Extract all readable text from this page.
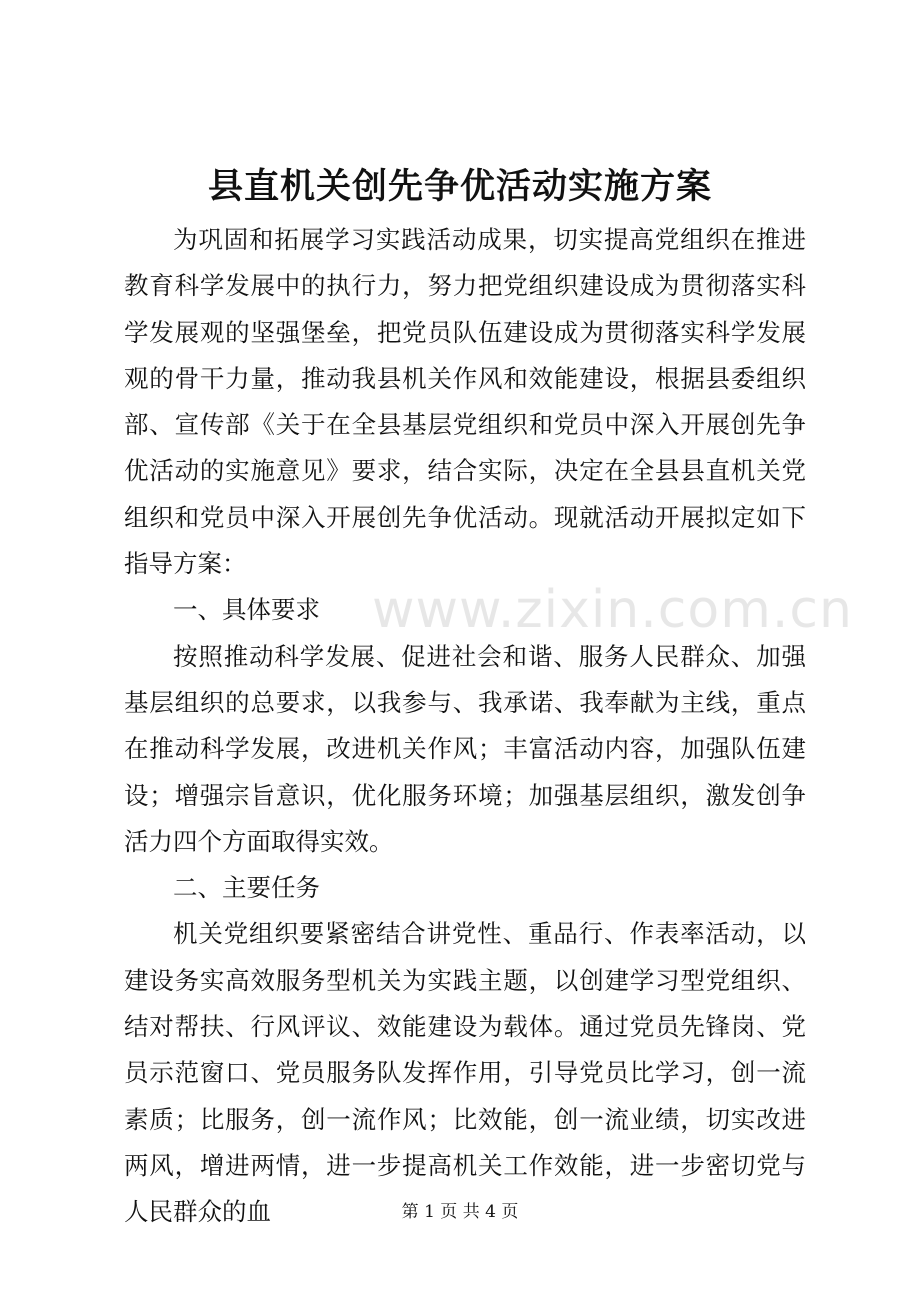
县直机关创先争优活动实施方案

为巩固和拓展学习实践活动成果，切实提高党组织在推进教育科学发展中的执行力，努力把党组织建设成为贯彻落实科学发展观的坚强堡垒，把党员队伍建设成为贯彻落实科学发展观的骨干力量，推动我县机关作风和效能建设，根据县委组织部、宣传部《关于在全县基层党组织和党员中深入开展创先争优活动的实施意见》要求，结合实际，决定在全县县直机关党组织和党员中深入开展创先争优活动。现就活动开展拟定如下指导方案：

一、具体要求

按照推动科学发展、促进社会和谐、服务人民群众、加强基层组织的总要求，以我参与、我承诺、我奉献为主线，重点在推动科学发展，改进机关作风；丰富活动内容，加强队伍建设；增强宗旨意识，优化服务环境；加强基层组织，激发创争活力四个方面取得实效。

二、主要任务

机关党组织要紧密结合讲党性、重品行、作表率活动，以建设务实高效服务型机关为实践主题，以创建学习型党组织、结对帮扶、行风评议、效能建设为载体。通过党员先锋岗、党员示范窗口、党员服务队发挥作用，引导党员比学习，创一流素质；比服务，创一流作风；比效能，创一流业绩，切实改进两风，增进两情，进一步提高机关工作效能，进一步密切党与人民群众的血

www.zixin.com.cn
第 1 页 共 4 页
